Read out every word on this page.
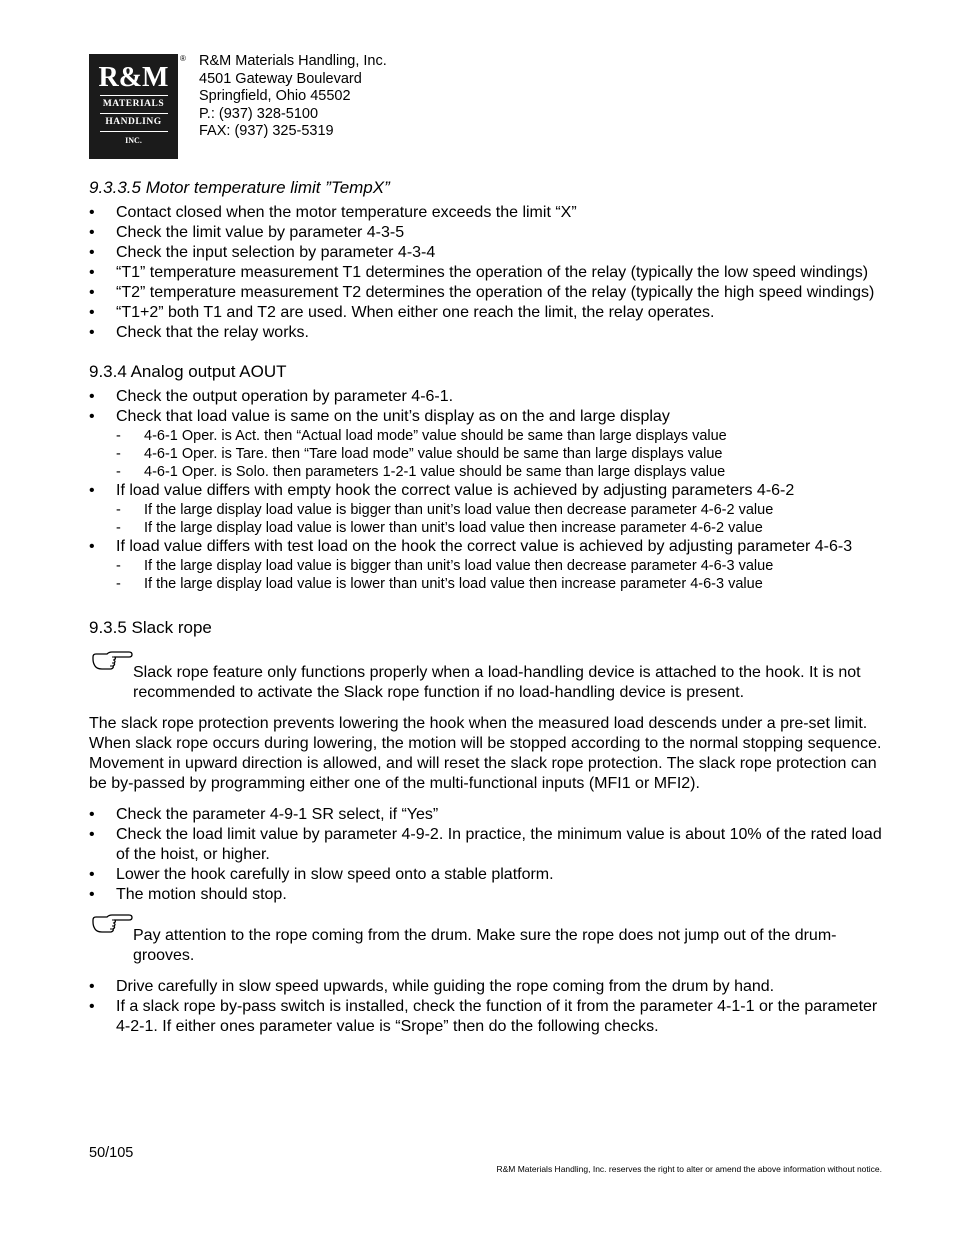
R&M
MATERIALS
HANDLING
INC.
® R&M Materials Handling, Inc.
4501 Gateway Boulevard
Springfield, Ohio 45502
P.: (937) 328-5100
FAX: (937) 325-5319
9.3.3.5 Motor temperature limit ”TempX”
• Contact closed when the motor temperature exceeds the limit “X”
• Check the limit value by parameter 4-3-5
• Check the input selection by parameter 4-3-4
• “T1” temperature measurement T1 determines the operation of the relay (typically the low speed windings)
• “T2” temperature measurement T2 determines the operation of the relay (typically the high speed windings)
• “T1+2” both T1 and T2 are used. When either one reach the limit, the relay operates.
• Check that the relay works.
9.3.4 Analog output AOUT
• Check the output operation by parameter 4-6-1.
• Check that load value is same on the unit’s display as on the and large display
- 4-6-1 Oper. is Act. then “Actual load mode” value should be same than large displays value
- 4-6-1 Oper. is Tare. then “Tare load mode” value should be same than large displays value
- 4-6-1 Oper. is Solo. then parameters 1-2-1 value should be same than large displays value
• If load value differs with empty hook the correct value is achieved by adjusting parameters 4-6-2
- If the large display load value is bigger than unit’s load value then decrease parameter 4-6-2 value
- If the large display load value is lower than unit’s load value then increase parameter 4-6-2 value
• If load value differs with test load on the hook the correct value is achieved by adjusting parameter 4-6-3
- If the large display load value is bigger than unit’s load value then decrease parameter 4-6-3 value
- If the large display load value is lower than unit’s load value then increase parameter 4-6-3 value
9.3.5 Slack rope
Slack rope feature only functions properly when a load-handling device is attached to the hook. It is not recommended to activate the Slack rope function if no load-handling device is present.

The slack rope protection prevents lowering the hook when the measured load descends under a pre-set limit. When slack rope occurs during lowering, the motion will be stopped according to the normal stopping sequence. Movement in upward direction is allowed, and will reset the slack rope protection. The slack rope protection can be by-passed by programming either one of the multi-functional inputs (MFI1 or MFI2).

• Check the parameter 4-9-1 SR select, if “Yes”
• Check the load limit value by parameter 4-9-2. In practice, the minimum value is about 10% of the rated load of the hoist, or higher.
• Lower the hook carefully in slow speed onto a stable platform.
• The motion should stop.
Pay attention to the rope coming from the drum. Make sure the rope does not jump out of the drum-grooves.
• Drive carefully in slow speed upwards, while guiding the rope coming from the drum by hand.
• If a slack rope by-pass switch is installed, check the function of it from the parameter 4-1-1 or the parameter 4-2-1. If either ones parameter value is “Srope” then do the following checks.
50/105
R&M Materials Handling, Inc. reserves the right to alter or amend the above information without notice.
